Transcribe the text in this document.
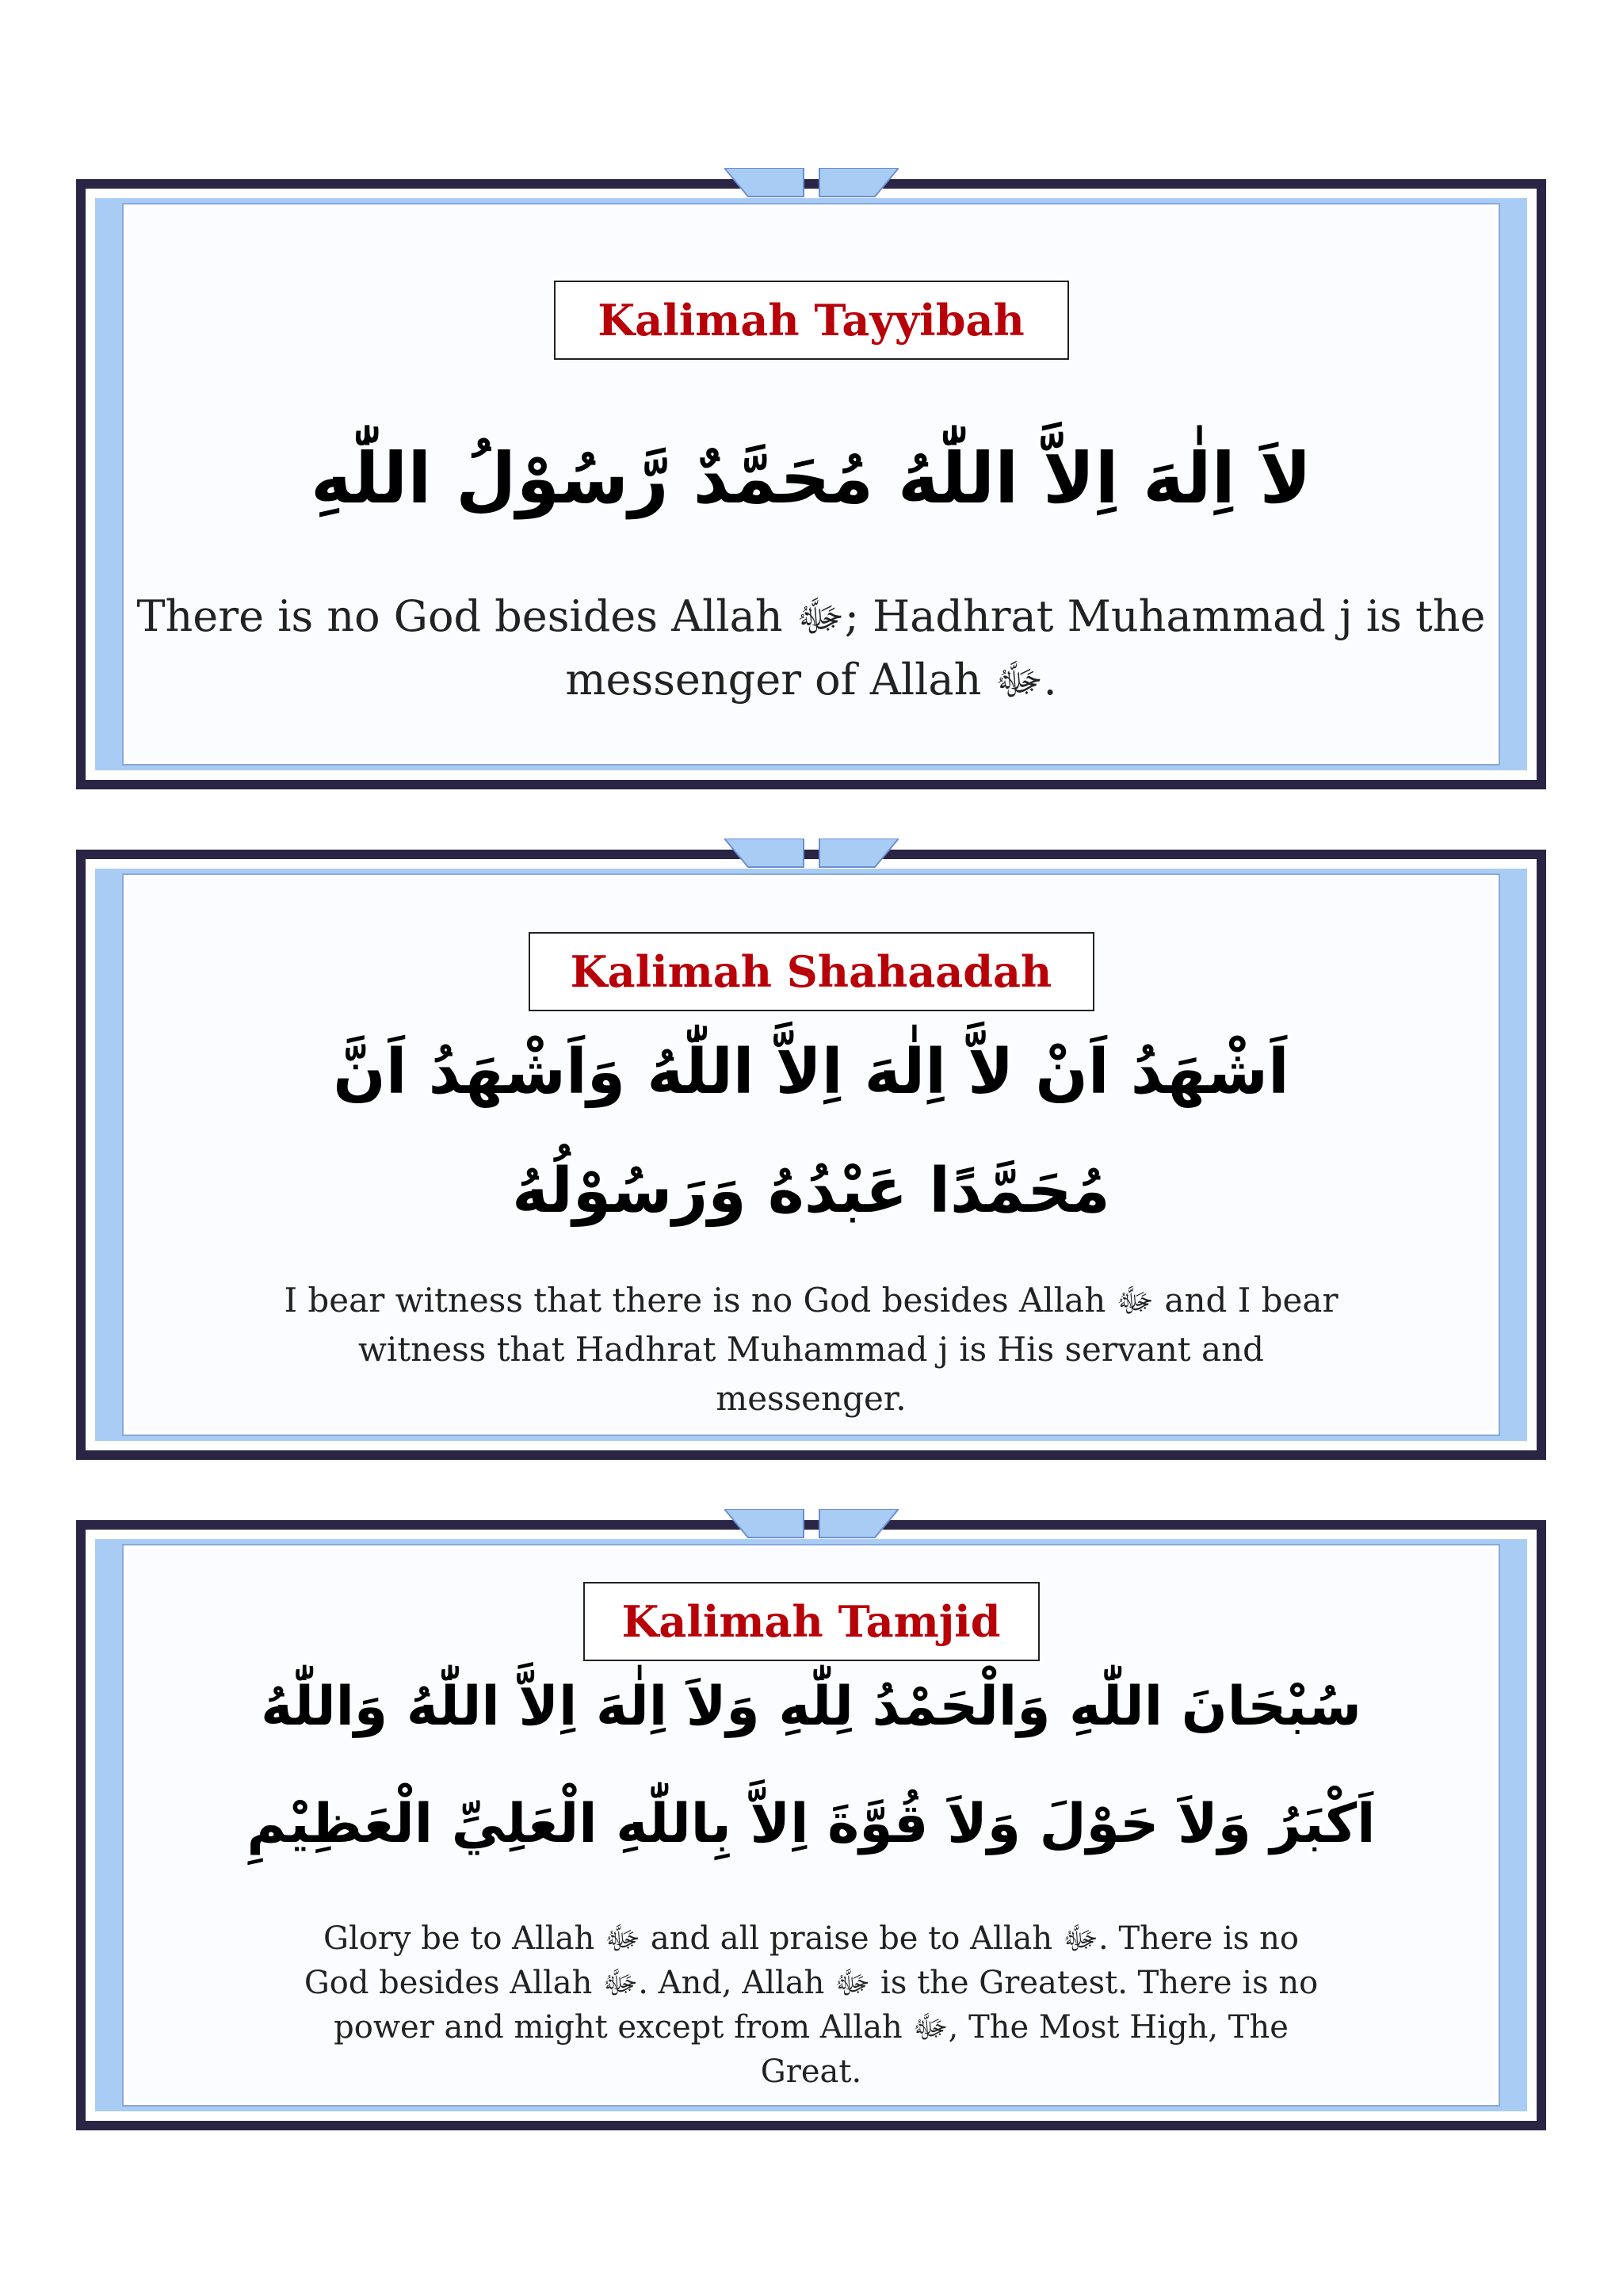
Kalimah Tayyibah
لاَ اِلٰهَ اِلاَّ اللّٰهُ مُحَمَّدٌ رَّسُوْلُ اللّٰهِ

There is no God besides Allah ﷻ; Hadhrat Muhammad j is the

messenger of Allah ﷻ.

Kalimah Shahaadah
اَشْهَدُ اَنْ لاَّ اِلٰهَ اِلاَّ اللّٰهُ وَاَشْهَدُ اَنَّ
مُحَمَّدًا عَبْدُهُ وَرَسُوْلُهُ

I bear witness that there is no God besides Allah ﷻ and I bear

witness that Hadhrat Muhammad j is His servant and

messenger.

Kalimah Tamjid
سُبْحَانَ اللّٰهِ وَالْحَمْدُ لِلّٰهِ وَلاَ اِلٰهَ اِلاَّ اللّٰهُ وَاللّٰهُ
اَكْبَرُ وَلاَ حَوْلَ وَلاَ قُوَّةَ اِلاَّ بِاللّٰهِ الْعَلِيِّ الْعَظِيْمِ

Glory be to Allah ﷻ and all praise be to Allah ﷻ. There is no

God besides Allah ﷻ. And, Allah ﷻ is the Greatest. There is no

power and might except from Allah ﷻ, The Most High, The

Great.
